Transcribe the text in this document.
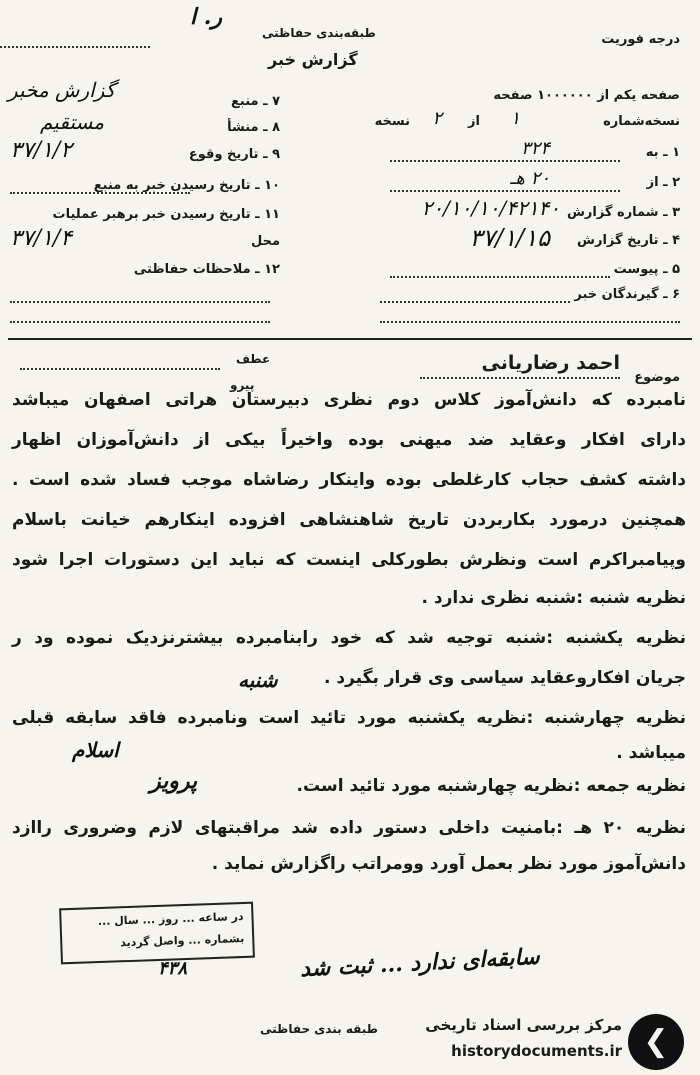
ر. ا
طبقه‌بندی حفاظتی
گزارش خبر
درجه فوریت
صفحه یکم از ۱۰۰۰۰۰۰ صفحه
نسخه‌شماره
۱
از
۲
نسخه
۱ ـ به
۳۲۴
۲ ـ از
۲۰ هـ
۳ ـ شماره گزارش
۲۰/۱۰/۱۰/۴۲۱۴۰
۴ ـ تاریخ گزارش
۳۷/۱/۱۵
۵ ـ پیوست
۶ ـ گیرندگان خبر
۷ ـ منبع
گزارش مخبر
۸ ـ منشأ
مستقیم
۹ ـ تاریخ وقوع
۳۷/۱/۲
۱۰ ـ تاریخ رسیدن خبر به منبع
۱۱ ـ تاریخ رسیدن خبر برهبر عملیات
محل
۳۷/۱/۴
۱۲ ـ ملاحظات حفاظتی
موضوع
احمد رضاریانی
عطف
پیرو
نامبرده که دانش‌آموز کلاس دوم نظری دبیرستان هراتی اصفهان میباشد
دارای افکار وعقاید ضد میهنی بوده واخیراً بیکی از دانش‌آموزان اظهار
داشته کشف حجاب کارغلطی بوده واینکار رضاشاه موجب فساد شده است .
همچنین درمورد بکاربردن تاریخ شاهنشاهی افزوده اینکارهم خیانت باسلام
وپیامبراکرم است ونظرش بطورکلی اینست که نباید این دستورات اجرا شود
نظریه شنبه :شنبه نظری ندارد .
نظریه یکشنبه :شنبه توجیه شد که خود رابنامبرده بیشترنزدیک نموده ود ر
جریان افکاروعقاید سیاسی وی قرار بگیرد .
نظریه چهارشنبه :نظریه یکشنبه مورد تائید است ونامبرده فاقد سابقه قبلی
میباشد .
نظریه جمعه :نظریه چهارشنبه مورد تائید است.
نظریه ۲۰ هـ :بامنیت داخلی دستور داده شد مراقبتهای لازم وضروری راازد
دانش‌آموز مورد نظر بعمل آورد وومراتب راگزارش نماید .
شنبه
اسلام
پرویز
سابقه‌ای ندارد ... ثبت شد
در ساعه ... روز ... سال ...
بشماره ... واصل گردید
۴۳۸
طبقه بندی حفاظتی	❯
مرکز بررسی اسناد تاریخی
historydocuments.ir
